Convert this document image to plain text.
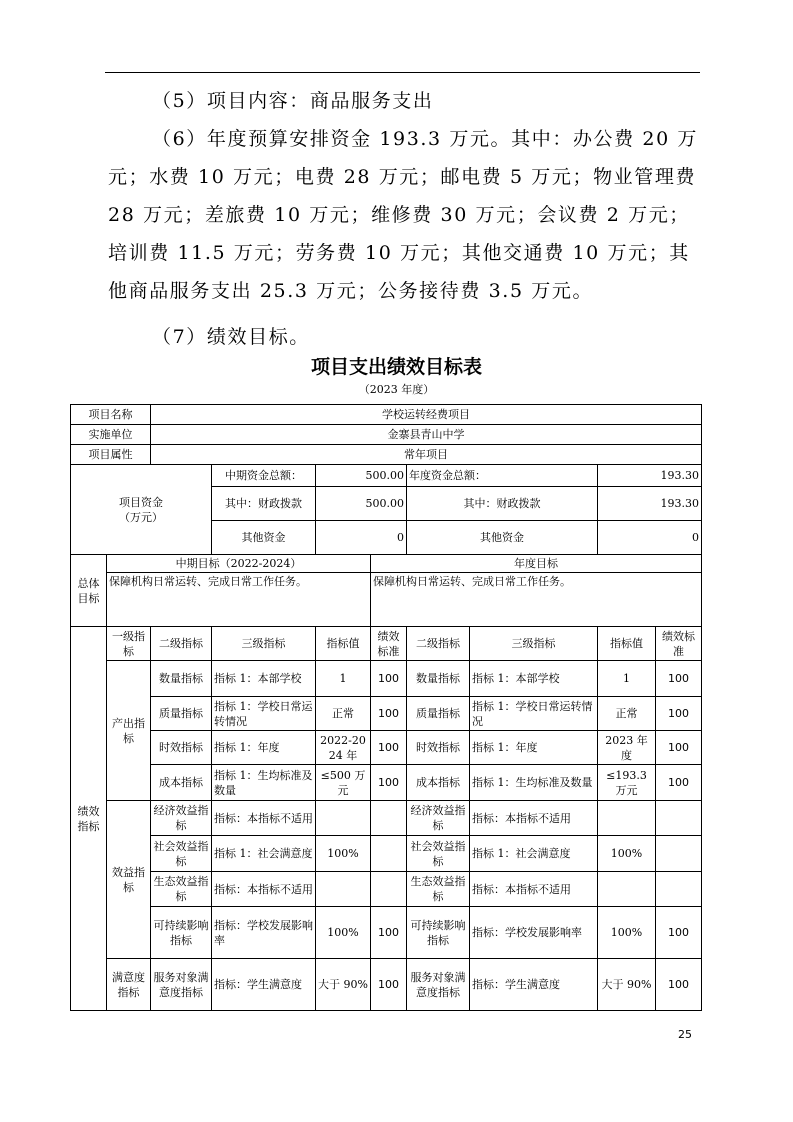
（5）项目内容：商品服务支出

（6）年度预算安排资金 193.3 万元。其中：办公费 20 万元；水费 10 万元；电费 28 万元；邮电费 5 万元；物业管理费 28 万元；差旅费 10 万元；维修费 30 万元；会议费 2 万元；培训费 11.5 万元；劳务费 10 万元；其他交通费 10 万元；其他商品服务支出 25.3 万元；公务接待费 3.5 万元。

（7）绩效目标。

项目支出绩效目标表
（2023 年度）
项目名称		学校运转经费项目							
实施单位		金寨县青山中学							
项目属性		常年项目							
项目资金
（万元）			中期资金总额：	500.00		年度资金总额：		193.30	
			其中：财政拨款	500.00		其中：财政拨款		193.30	
			其他资金	0		其他资金		0	
总体目标	中期目标（2022-2024）				年度目标				
	保障机构日常运转、完成日常工作任务。				保障机构日常运转、完成日常工作任务。				
绩效指标	一级指标	二级指标	三级指标	指标值	绩效标准	二级指标	三级指标	指标值	绩效标准
	产出指标	数量指标	指标 1：本部学校	1	100	数量指标	指标 1：本部学校	1	100
		质量指标	指标 1：学校日常运转情况	正常	100	质量指标	指标 1：学校日常运转情况	正常	100
		时效指标	指标 1：年度	2022-2024 年	100	时效指标	指标 1：年度	2023 年度	100
		成本指标	指标 1：生均标准及数量	≤500 万元	100	成本指标	指标 1：生均标准及数量	≤193.3 万元	100
	效益指标	经济效益指标	指标：本指标不适用			经济效益指标	指标：本指标不适用		
		社会效益指标	指标 1：社会满意度	100%		社会效益指标	指标 1：社会满意度	100%	
		生态效益指标	指标：本指标不适用			生态效益指标	指标：本指标不适用		
		可持续影响指标	指标：学校发展影响率	100%	100	可持续影响指标	指标：学校发展影响率	100%	100
	满意度指标	服务对象满意度指标	指标：学生满意度	大于 90%	100	服务对象满意度指标	指标：学生满意度	大于 90%	100
25
